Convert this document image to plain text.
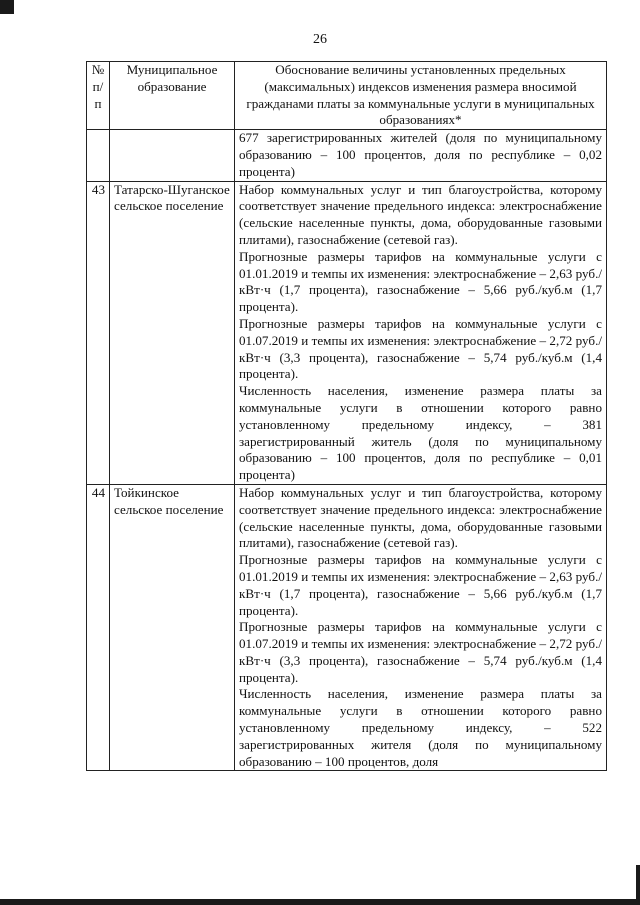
26
№ п/п	Муниципальное образование	Обоснование величины установленных предельных (максимальных) индексов изменения размера вносимой гражданами платы за коммунальные услуги в муниципальных образованиях*
		677 зарегистрированных жителей (доля по муниципальному образованию – 100 процентов, доля по республике – 0,02 процента)
43	Татарско-Шуганское сельское поселение	Набор коммунальных услуг и тип благоустройства, которому соответствует значение предельного индекса: электроснабжение (сельские населенные пункты, дома, оборудованные газовыми плитами), газоснабжение (сетевой газ).

Прогнозные размеры тарифов на коммунальные услуги с 01.01.2019 и темпы их изменения: электроснабжение – 2,63 руб./кВт·ч (1,7 процента), газоснабжение – 5,66 руб./куб.м (1,7 процента).

Прогнозные размеры тарифов на коммунальные услуги с 01.07.2019 и темпы их изменения: электроснабжение – 2,72 руб./кВт·ч (3,3 процента), газоснабжение – 5,74 руб./куб.м (1,4 процента).

Численность населения, изменение размера платы за коммунальные услуги в отношении которого равно установленному предельному индексу, – 381 зарегистрированный житель (доля по муниципальному образованию – 100 процентов, доля по республике – 0,01 процента)

44	Тойкинское сельское поселение	Набор коммунальных услуг и тип благоустройства, которому соответствует значение предельного индекса: электроснабжение (сельские населенные пункты, дома, оборудованные газовыми плитами), газоснабжение (сетевой газ).

Прогнозные размеры тарифов на коммунальные услуги с 01.01.2019 и темпы их изменения: электроснабжение – 2,63 руб./кВт·ч (1,7 процента), газоснабжение – 5,66 руб./куб.м (1,7 процента).

Прогнозные размеры тарифов на коммунальные услуги с 01.07.2019 и темпы их изменения: электроснабжение – 2,72 руб./кВт·ч (3,3 процента), газоснабжение – 5,74 руб./куб.м (1,4 процента).

Численность населения, изменение размера платы за коммунальные услуги в отношении которого равно установленному предельному индексу, – 522 зарегистрированных жителя (доля по муниципальному образованию – 100 процентов, доля
